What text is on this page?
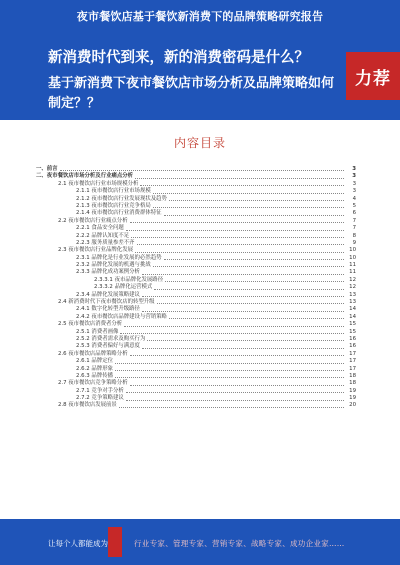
夜市餐饮店基于餐饮新消费下的品牌策略研究报告
新消费时代到来，新的消费密码是什么？
基于新消费下夜市餐饮店市场分析及品牌策略如何制定？？
力荐
内容目录
一、前言	3
二、夜市餐饮店市场分析及行业痛点分析	3
2.1 夜市餐饮店行业市场规模分析	3
2.1.1 夜市餐饮店行业市场规模	3
2.1.2 夜市餐饮店行业发展现状及趋势	4
2.1.3 夜市餐饮店行业竞争格局	5
2.1.4 夜市餐饮店行业消费群体特征	6
2.2 夜市餐饮店行业痛点分析	7
2.2.1 食品安全问题	7
2.2.2 品牌认知度不足	8
2.2.3 服务质量参差不齐	9
2.3 夜市餐饮店行业品牌化发展	10
2.3.1 品牌化是行业发展的必然趋势	10
2.3.2 品牌化发展的机遇与挑战	11
2.3.3 品牌化成功案例分析	11
2.3.3.1 夜市品牌化发展路径	12
2.3.3.2 品牌化运营模式	12
2.3.4 品牌化发展策略建议	13
2.4 新消费时代下夜市餐饮店的转型升级	13
2.4.1 数字化转型升级路径	14
2.4.2 夜市餐饮店品牌建设与营销策略	14
2.5 夜市餐饮店消费者分析	15
2.5.1 消费者画像	15
2.5.2 消费者需求及购买行为	16
2.5.3 消费者偏好与满意度	16
2.6 夜市餐饮店品牌策略分析	17
2.6.1 品牌定位	17
2.6.2 品牌形象	17
2.6.3 品牌传播	18
2.7 夜市餐饮店竞争策略分析	18
2.7.1 竞争对手分析	19
2.7.2 竞争策略建议	19
2.8 夜市餐饮店发展前景	20
让每个人都能成为	行业专家、管理专家、营销专家、战略专家、成功企业家……
